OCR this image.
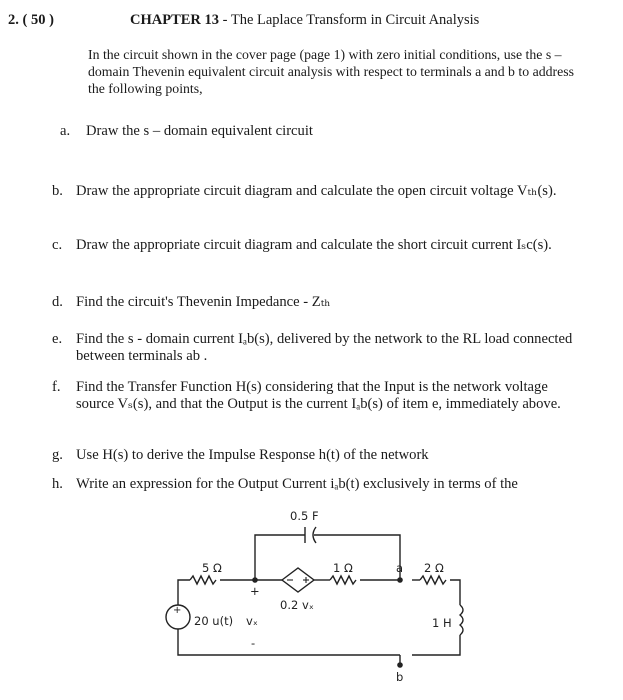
2. ( 50 )	CHAPTER 13 - The Laplace Transform in Circuit Analysis
In the circuit shown in the cover page (page 1) with zero initial conditions, use the s – domain Thevenin equivalent circuit analysis with respect to terminals a and b to address the following points,
a. Draw the s – domain equivalent circuit
b. Draw the appropriate circuit diagram and calculate the open circuit voltage Vₜₕ(s).
c. Draw the appropriate circuit diagram and calculate the short circuit current Iₛc(s).
d. Find the circuit's Thevenin Impedance - Zₜₕ
e. Find the s - domain current Iₐb(s), delivered by the network to the RL load connected between terminals ab .
f. Find the Transfer Function H(s) considering that the Input is the network voltage source Vₛ(s), and that the Output is the current Iₐb(s) of item e, immediately above.
g. Use H(s) to derive the Impulse Response h(t) of the network
h. Write an expression for the Output Current iₐb(t) exclusively in terms of the
0.5 F
5 Ω
0.2 vₓ
1 Ω	a 2 Ω
1 H
+
20 u(t)
+
vₓ
-
b
